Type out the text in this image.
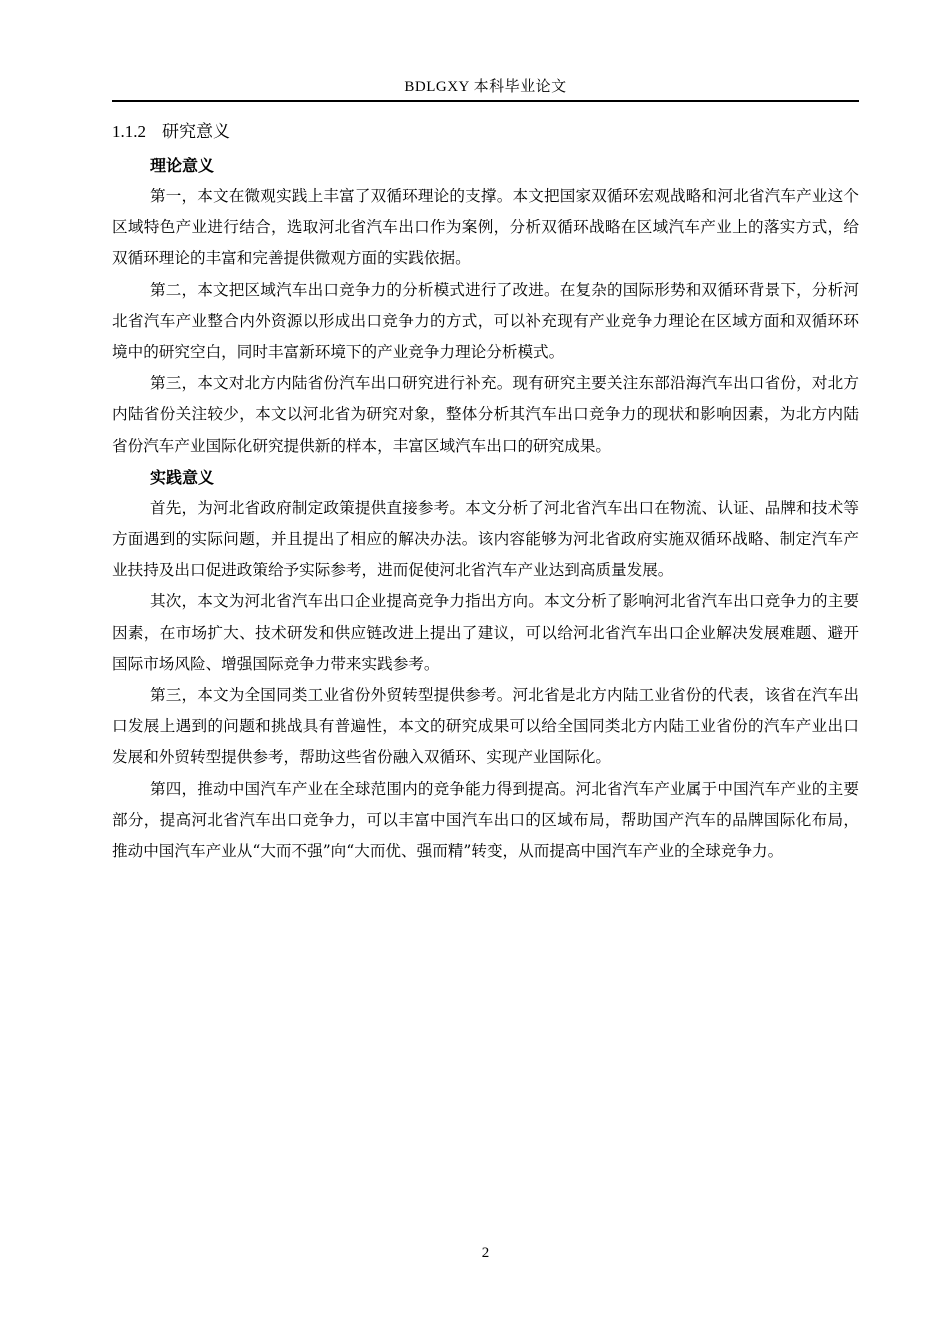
BDLGXY 本科毕业论文
1.1.2 研究意义

理论意义

第一，本文在微观实践上丰富了双循环理论的支撑。本文把国家双循环宏观战略和河北省汽车产业这个区域特色产业进行结合，选取河北省汽车出口作为案例，分析双循环战略在区域汽车产业上的落实方式，给双循环理论的丰富和完善提供微观方面的实践依据。

第二，本文把区域汽车出口竞争力的分析模式进行了改进。在复杂的国际形势和双循环背景下，分析河北省汽车产业整合内外资源以形成出口竞争力的方式，可以补充现有产业竞争力理论在区域方面和双循环环境中的研究空白，同时丰富新环境下的产业竞争力理论分析模式。

第三，本文对北方内陆省份汽车出口研究进行补充。现有研究主要关注东部沿海汽车出口省份，对北方内陆省份关注较少，本文以河北省为研究对象，整体分析其汽车出口竞争力的现状和影响因素，为北方内陆省份汽车产业国际化研究提供新的样本，丰富区域汽车出口的研究成果。

实践意义

首先，为河北省政府制定政策提供直接参考。本文分析了河北省汽车出口在物流、认证、品牌和技术等方面遇到的实际问题，并且提出了相应的解决办法。该内容能够为河北省政府实施双循环战略、制定汽车产业扶持及出口促进政策给予实际参考，进而促使河北省汽车产业达到高质量发展。

其次，本文为河北省汽车出口企业提高竞争力指出方向。本文分析了影响河北省汽车出口竞争力的主要因素，在市场扩大、技术研发和供应链改进上提出了建议，可以给河北省汽车出口企业解决发展难题、避开国际市场风险、增强国际竞争力带来实践参考。

第三，本文为全国同类工业省份外贸转型提供参考。河北省是北方内陆工业省份的代表，该省在汽车出口发展上遇到的问题和挑战具有普遍性，本文的研究成果可以给全国同类北方内陆工业省份的汽车产业出口发展和外贸转型提供参考，帮助这些省份融入双循环、实现产业国际化。

第四，推动中国汽车产业在全球范围内的竞争能力得到提高。河北省汽车产业属于中国汽车产业的主要部分，提高河北省汽车出口竞争力，可以丰富中国汽车出口的区域布局，帮助国产汽车的品牌国际化布局，推动中国汽车产业从“大而不强”向“大而优、强而精”转变，从而提高中国汽车产业的全球竞争力。

2
